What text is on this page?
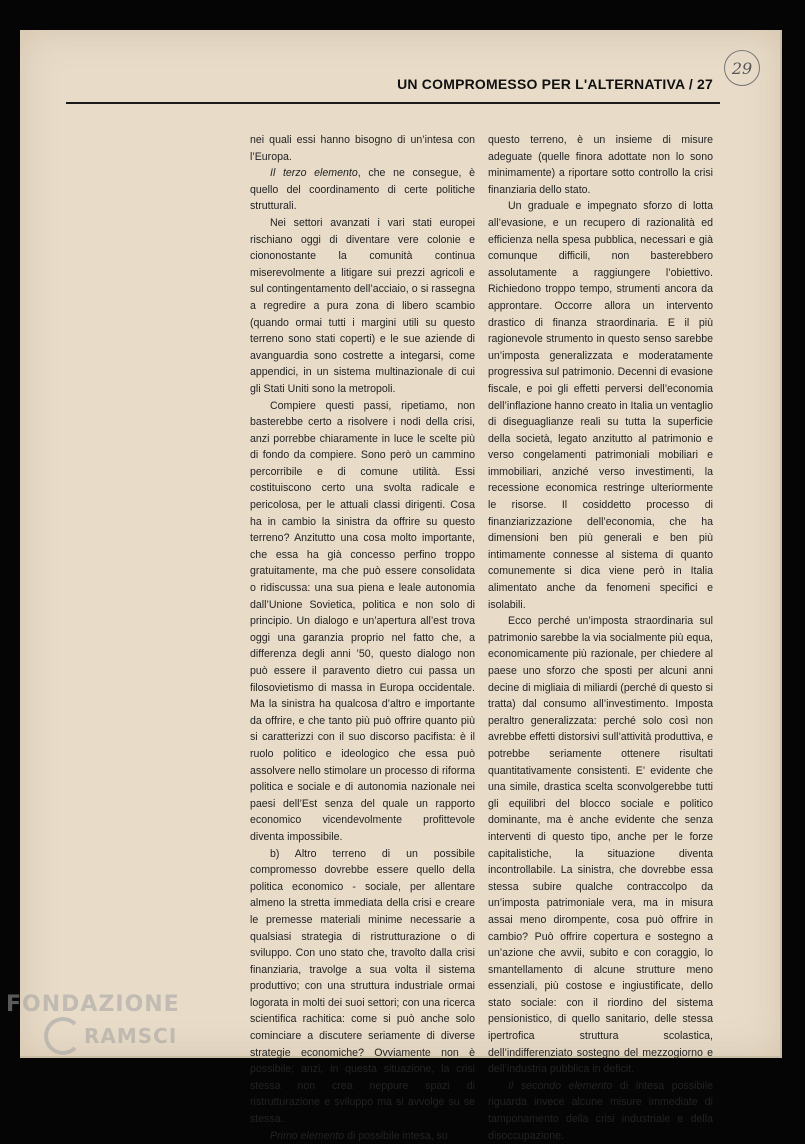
29
UN COMPROMESSO PER L'ALTERNATIVA / 27

nei quali essi hanno bisogno di un’intesa con l’Europa.

Il terzo elemento, che ne consegue, è quello del coordinamento di certe politiche strutturali.

Nei settori avanzati i vari stati europei rischiano oggi di diventare vere colonie e ciononostante la comunità continua miserevolmente a litigare sui prezzi agricoli e sul contingentamento dell’acciaio, o si rassegna a regredire a pura zona di libero scambio (quando ormai tutti i margini utili su questo terreno sono stati coperti) e le sue aziende di avanguardia sono costrette a integarsi, come appendici, in un sistema multinazionale di cui gli Stati Uniti sono la metropoli.

Compiere questi passi, ripetiamo, non basterebbe certo a risolvere i nodi della crisi, anzi porrebbe chiaramente in luce le scelte più di fondo da compiere. Sono però un cammino percorribile e di comune utilità. Essi costituiscono certo una svolta radicale e pericolosa, per le attuali classi dirigenti. Cosa ha in cambio la sinistra da offrire su questo terreno? Anzitutto una cosa molto importante, che essa ha già concesso perfino troppo gratuitamente, ma che può essere consolidata o ridiscussa: una sua piena e leale autonomia dall’Unione Sovietica, politica e non solo di principio. Un dialogo e un’apertura all’est trova oggi una garanzia proprio nel fatto che, a differenza degli anni ’50, questo dialogo non può essere il paravento dietro cui passa un filosovietismo di massa in Europa occidentale. Ma la sinistra ha qualcosa d’altro e importante da offrire, e che tanto più può offrire quanto più si caratterizzi con il suo discorso pacifista: è il ruolo politico e ideologico che essa può assolvere nello stimolare un processo di riforma politica e sociale e di autonomia nazionale nei paesi dell’Est senza del quale un rapporto economico vicendevolmente profittevole diventa impossibile.

b) Altro terreno di un possibile compromesso dovrebbe essere quello della politica economico - sociale, per allentare almeno la stretta immediata della crisi e creare le premesse materiali minime necessarie a qualsiasi strategia di ristrutturazione o di sviluppo. Con uno stato che, travolto dalla crisi finanziaria, travolge a sua volta il sistema produttivo; con una struttura industriale ormai logorata in molti dei suoi settori; con una ricerca scientifica rachitica: come si può anche solo cominciare a discutere seriamente di diverse strategie economiche? Ovviamente non è possibile; anzi, in questa situazione, la crisi stessa non crea neppure spazi di ristrutturazione e sviluppo ma si avvolge su se stessa.

Primo elemento di possibile intesa, su

questo terreno, è un insieme di misure adeguate (quelle finora adottate non lo sono minimamente) a riportare sotto controllo la crisi finanziaria dello stato.

Un graduale e impegnato sforzo di lotta all’evasione, e un recupero di razionalità ed efficienza nella spesa pubblica, necessari e già comunque difficili, non basterebbero assolutamente a raggiungere l’obiettivo. Richiedono troppo tempo, strumenti ancora da approntare. Occorre allora un intervento drastico di finanza straordinaria. E il più ragionevole strumento in questo senso sarebbe un’imposta generalizzata e moderatamente progressiva sul patrimonio. Decenni di evasione fiscale, e poi gli effetti perversi dell’economia dell’inflazione hanno creato in Italia un ventaglio di diseguaglianze reali su tutta la superficie della società, legato anzitutto al patrimonio e verso congelamenti patrimoniali mobiliari e immobiliari, anziché verso investimenti, la recessione economica restringe ulteriormente le risorse. Il cosiddetto processo di finanziarizzazione dell’economia, che ha dimensioni ben più generali e ben più intimamente connesse al sistema di quanto comunemente si dica viene però in Italia alimentato anche da fenomeni specifici e isolabili.

Ecco perché un’imposta straordinaria sul patrimonio sarebbe la via socialmente più equa, economicamente più razionale, per chiedere al paese uno sforzo che sposti per alcuni anni decine di migliaia di miliardi (perché di questo si tratta) dal consumo all’investimento. Imposta peraltro generalizzata: perché solo così non avrebbe effetti distorsivi sull’attività produttiva, e potrebbe seriamente ottenere risultati quantitativamente consistenti. E’ evidente che una simile, drastica scelta sconvolgerebbe tutti gli equilibri del blocco sociale e politico dominante, ma è anche evidente che senza interventi di questo tipo, anche per le forze capitalistiche, la situazione diventa incontrollabile. La sinistra, che dovrebbe essa stessa subire qualche contraccolpo da un’imposta patrimoniale vera, ma in misura assai meno dirompente, cosa può offrire in cambio? Può offrire copertura e sostegno a un’azione che avvii, subito e con coraggio, lo smantellamento di alcune strutture meno essenziali, più costose e ingiustificate, dello stato sociale: con il riordino del sistema pensionistico, di quello sanitario, delle stessa ipertrofica struttura scolastica, dell’indifferenziato sostegno del mezzogiorno e dell’industria pubblica in deficit.

Il secondo elemento di intesa possibile riguarda invece alcune misure immediate di tamponamento della crisi industriale e della disoccupazione.

FONDAZIONE
RAMSCI
